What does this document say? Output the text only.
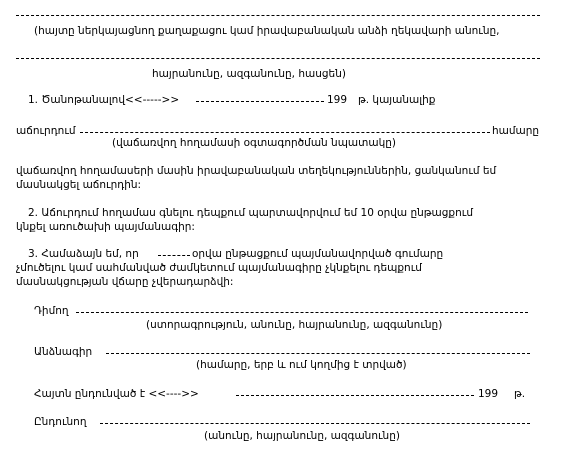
(հայտը ներկայացնող քաղաքացու կամ իրավաբանական անձի ղեկավարի անունը,
հայրանունը, ազգանունը, հասցեն)
1. Ծանոթանալով<<----->>	199 թ. կայանալիք
աճուրդում	համարը
(վաճառվող հողամասի օգտագործման նպատակը)
վաճառվող հողամասերի մասին իրավաբանական տեղեկություններին, ցանկանում եմ
մասնակցել աճուրդին:
2. Աճուրդում հողամաս գնելու դեպքում պարտավորվում եմ 10 օրվա ընթացքում
կնքել առուծախի պայմանագիր:
3. Համաձայն եմ, որ	օրվա ընթացքում պայմանավորված գումարը
չմուծելու կամ սահմանված ժամկետում պայմանագիրը չկնքելու դեպքում
մասնակցության վճարը չվերադարձվի:
Դիմող
(ստորագրություն, անունը, հայրանունը, ազգանունը)
Անձնագիր
(համարը, երբ և ում կողմից է տրված)
Հայտն ընդունված է <<---->>	199 թ.
Ընդունող
(անունը, հայրանունը, ազգանունը)
